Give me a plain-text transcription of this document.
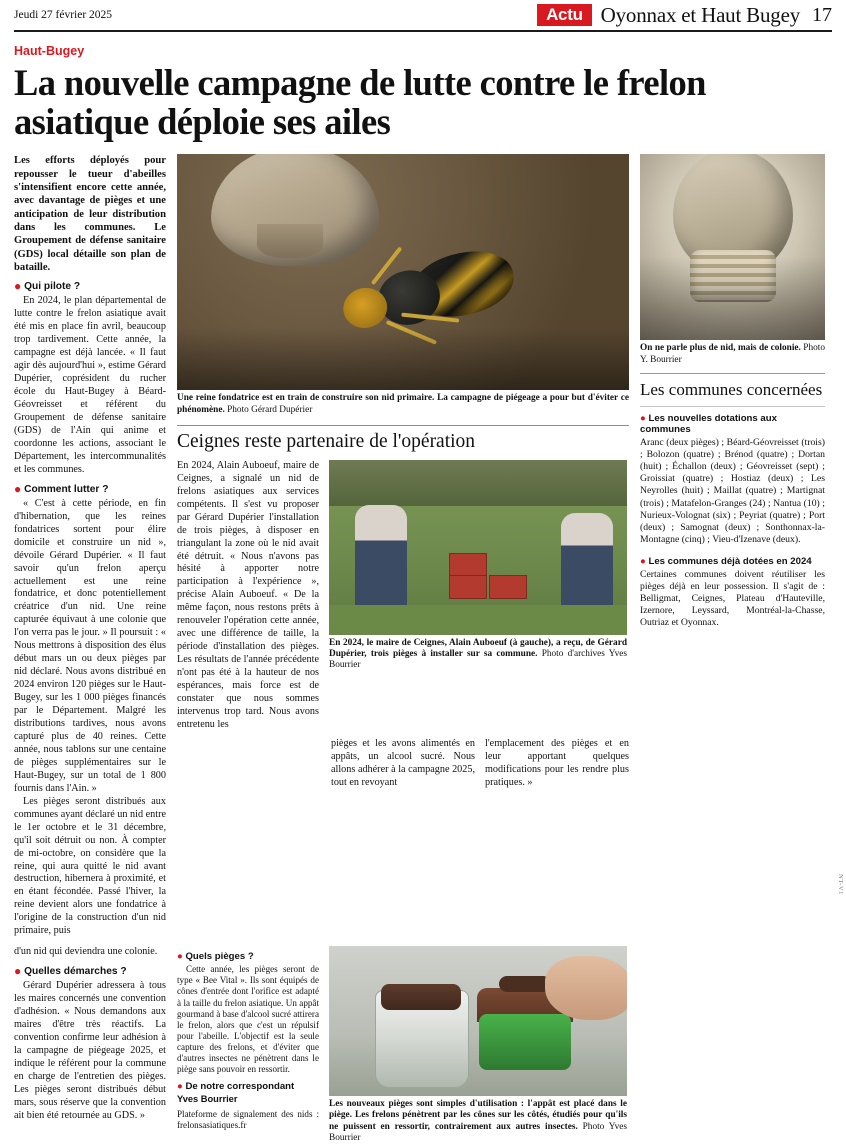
Jeudi 27 février 2025	Actu Oyonnax et Haut Bugey 17
Haut-Bugey
La nouvelle campagne de lutte contre le frelon asiatique déploie ses ailes
Les efforts déployés pour repousser le tueur d'abeilles s'intensifient encore cette année, avec davantage de pièges et une anticipation de leur distribution dans les communes. Le Groupement de défense sanitaire (GDS) local détaille son plan de bataille.
● Qui pilote ?

En 2024, le plan départemental de lutte contre le frelon asiatique avait été mis en place fin avril, beaucoup trop tardivement. Cette année, la campagne est déjà lancée. « Il faut agir dès aujourd'hui », estime Gérard Dupérier, coprésident du rucher école du Haut-Bugey à Béard-Géovreisset et référent du Groupement de défense sanitaire (GDS) de l'Ain qui anime et coordonne les actions, associant le Département, les intercommunalités et les communes.

● Comment lutter ?

« C'est à cette période, en fin d'hibernation, que les reines fondatrices sortent pour élire domicile et construire un nid », dévoile Gérard Dupérier. « Il faut savoir qu'un frelon aperçu actuellement est une reine fondatrice, et donc potentiellement créatrice d'un nid. Une reine capturée équivaut à une colonie que l'on verra pas le jour. » Il poursuit : « Nous mettrons à disposition des élus début mars un ou deux pièges par nid déclaré. Nous avons distribué en 2024 environ 120 pièges sur le Haut-Bugey, sur les 1 000 pièges financés par le Département. Malgré les distributions tardives, nous avons capturé plus de 40 reines. Cette année, nous tablons sur une centaine de pièges supplémentaires sur le Haut-Bugey, sur un total de 1 800 fournis dans l'Ain. »

Les pièges seront distribués aux communes ayant déclaré un nid entre le 1er octobre et le 31 décembre, qu'il soit détruit ou non. À compter de mi-octobre, on considère que la reine, qui aura quitté le nid avant destruction, hibernera à proximité, et en étant fécondée. Passé l'hiver, la reine devient alors une fondatrice à l'origine de la construction d'un nid primaire, puis

Une reine fondatrice est en train de construire son nid primaire. La campagne de piégeage a pour but d'éviter ce phénomène. Photo Gérard Dupérier
Ceignes reste partenaire de l'opération

En 2024, Alain Auboeuf, maire de Ceignes, a signalé un nid de frelons asiatiques aux services compétents. Il s'est vu proposer par Gérard Dupérier l'installation de trois pièges, à disposer en triangulant la zone où le nid avait été détruit. « Nous n'avons pas hésité à apporter notre participation à l'expérience », précise Alain Auboeuf. « De la même façon, nous restons prêts à renouveler l'opération cette année, avec une différence de taille, la période d'installation des pièges. Les résultats de l'année précédente n'ont pas été à la hauteur de nos espérances, mais force est de constater que nous sommes intervenus trop tard. Nous avons entretenu les

En 2024, le maire de Ceignes, Alain Auboeuf (à gauche), a reçu, de Gérard Dupérier, trois pièges à installer sur sa commune. Photo d'archives Yves Bourrier

pièges et les avons alimentés en appâts, un alcool sucré. Nous allons adhérer à la campagne 2025, tout en revoyant

l'emplacement des pièges et en leur apportant quelques modifications pour les rendre plus pratiques. »

On ne parle plus de nid, mais de colonie. Photo Y. Bourrier
Les communes concernées
● Les nouvelles dotations aux communes
Aranc (deux pièges) ; Béard-Géovreisset (trois) ; Bolozon (quatre) ; Brénod (quatre) ; Dortan (huit) ; Échallon (deux) ; Géovreisset (sept) ; Groissiat (quatre) ; Hostiaz (deux) ; Les Neyrolles (huit) ; Maillat (quatre) ; Martignat (trois) ; Matafelon-Granges (24) ; Nantua (10) ; Nurieux-Volognat (six) ; Peyriat (quatre) ; Port (deux) ; Samognat (deux) ; Sonthonnax-la-Montagne (cinq) ; Vieu-d'Izenave (deux).
● Les communes déjà dotées en 2024
Certaines communes doivent réutiliser les pièges déjà en leur possession. Il s'agit de : Belligmat, Ceignes, Plateau d'Hauteville, Izernore, Leyssard, Montréal-la-Chasse, Outriaz et Oyonnax.

d'un nid qui deviendra une colonie.

● Quelles démarches ?

Gérard Dupérier adressera à tous les maires concernés une convention d'adhésion. « Nous demandons aux maires d'être très réactifs. La convention confirme leur adhésion à la campagne de piégeage 2025, et indique le référent pour la commune en charge de l'entretien des pièges. Les pièges seront distribués début mars, sous réserve que la convention ait bien été retournée au GDS. »

● Quels pièges ?

Cette année, les pièges seront de type « Bee Vital ». Ils sont équipés de cônes d'entrée dont l'orifice est adapté à la taille du frelon asiatique. Un appât gourmand à base d'alcool sucré attirera le frelon, alors que c'est un répulsif pour l'abeille. L'objectif est la seule capture des frelons, et d'éviter que d'autres insectes ne pénètrent dans le piège sans pouvoir en ressortir.

● De notre correspondant
Yves Bourrier
Plateforme de signalement des nids : frelonsasiatiques.fr
Les nouveaux pièges sont simples d'utilisation : l'appât est placé dans le piège. Les frelons pénètrent par les cônes sur les côtés, étudiés pour qu'ils ne puissent en ressortir, contrairement aux autres insectes. Photo Yves Bourrier
NT-V1
